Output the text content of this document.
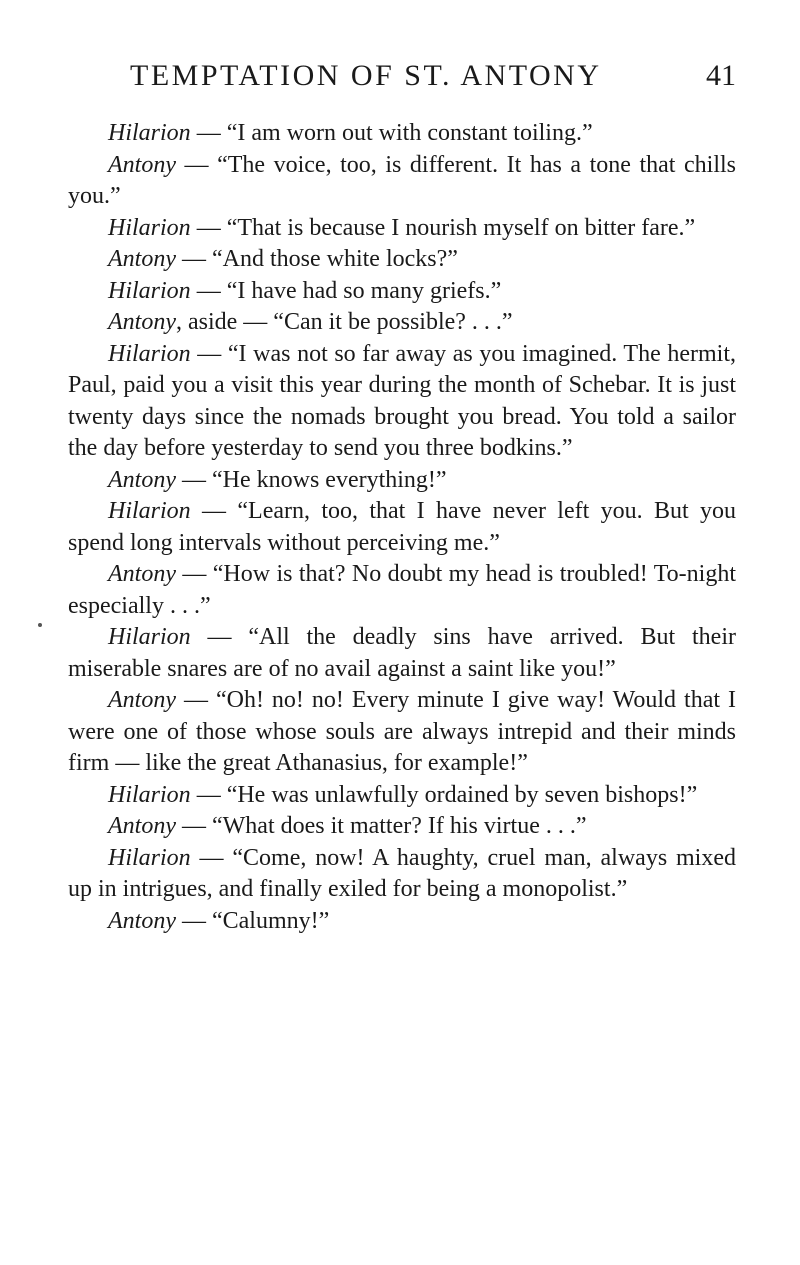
TEMPTATION OF ST. ANTONY	41

Hilarion — “I am worn out with constant toiling.”

Antony — “The voice, too, is different. It has a tone that chills you.”

Hilarion — “That is because I nourish myself on bitter fare.”

Antony — “And those white locks?”

Hilarion — “I have had so many griefs.”

Antony, aside — “Can it be possible? . . .”

Hilarion — “I was not so far away as you imagined. The hermit, Paul, paid you a visit this year during the month of Schebar. It is just twenty days since the nomads brought you bread. You told a sailor the day before yesterday to send you three bodkins.”

Antony — “He knows everything!”

Hilarion — “Learn, too, that I have never left you. But you spend long intervals without perceiving me.”

Antony — “How is that? No doubt my head is troubled! To-night especially . . .”

Hilarion — “All the deadly sins have arrived. But their miserable snares are of no avail against a saint like you!”

Antony — “Oh! no! no! Every minute I give way! Would that I were one of those whose souls are always intrepid and their minds firm — like the great Athanasius, for example!”

Hilarion — “He was unlawfully ordained by seven bishops!”

Antony — “What does it matter? If his virtue . . .”

Hilarion — “Come, now! A haughty, cruel man, always mixed up in intrigues, and finally exiled for being a monopolist.”

Antony — “Calumny!”
